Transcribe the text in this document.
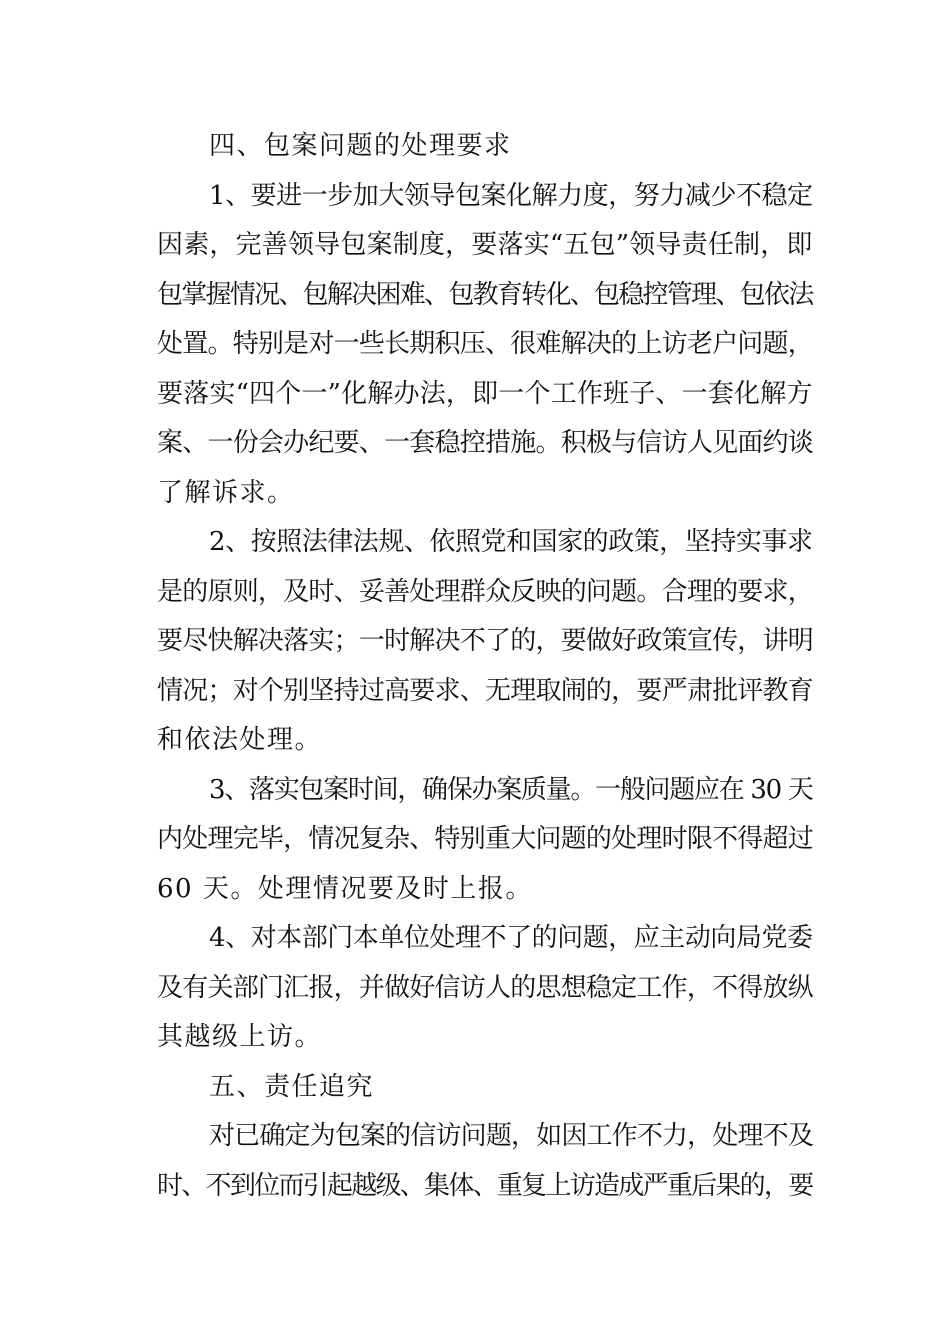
四、包案问题的处理要求
1、要进一步加大领导包案化解力度，努力减少不稳定
因素，完善领导包案制度，要落实“五包”领导责任制，即
包掌握情况、包解决困难、包教育转化、包稳控管理、包依法
处置。特别是对一些长期积压、很难解决的上访老户问题，
要落实“四个一”化解办法，即一个工作班子、一套化解方
案、一份会办纪要、一套稳控措施。积极与信访人见面约谈
了解诉求。
2、按照法律法规、依照党和国家的政策，坚持实事求
是的原则，及时、妥善处理群众反映的问题。合理的要求，
要尽快解决落实；一时解决不了的，要做好政策宣传，讲明
情况；对个别坚持过高要求、无理取闹的，要严肃批评教育
和依法处理。
3、落实包案时间，确保办案质量。一般问题应在 30 天
内处理完毕，情况复杂、特别重大问题的处理时限不得超过
60 天。处理情况要及时上报。
4、对本部门本单位处理不了的问题，应主动向局党委
及有关部门汇报，并做好信访人的思想稳定工作，不得放纵
其越级上访。
五、责任追究
对已确定为包案的信访问题，如因工作不力，处理不及
时、不到位而引起越级、集体、重复上访造成严重后果的，要
